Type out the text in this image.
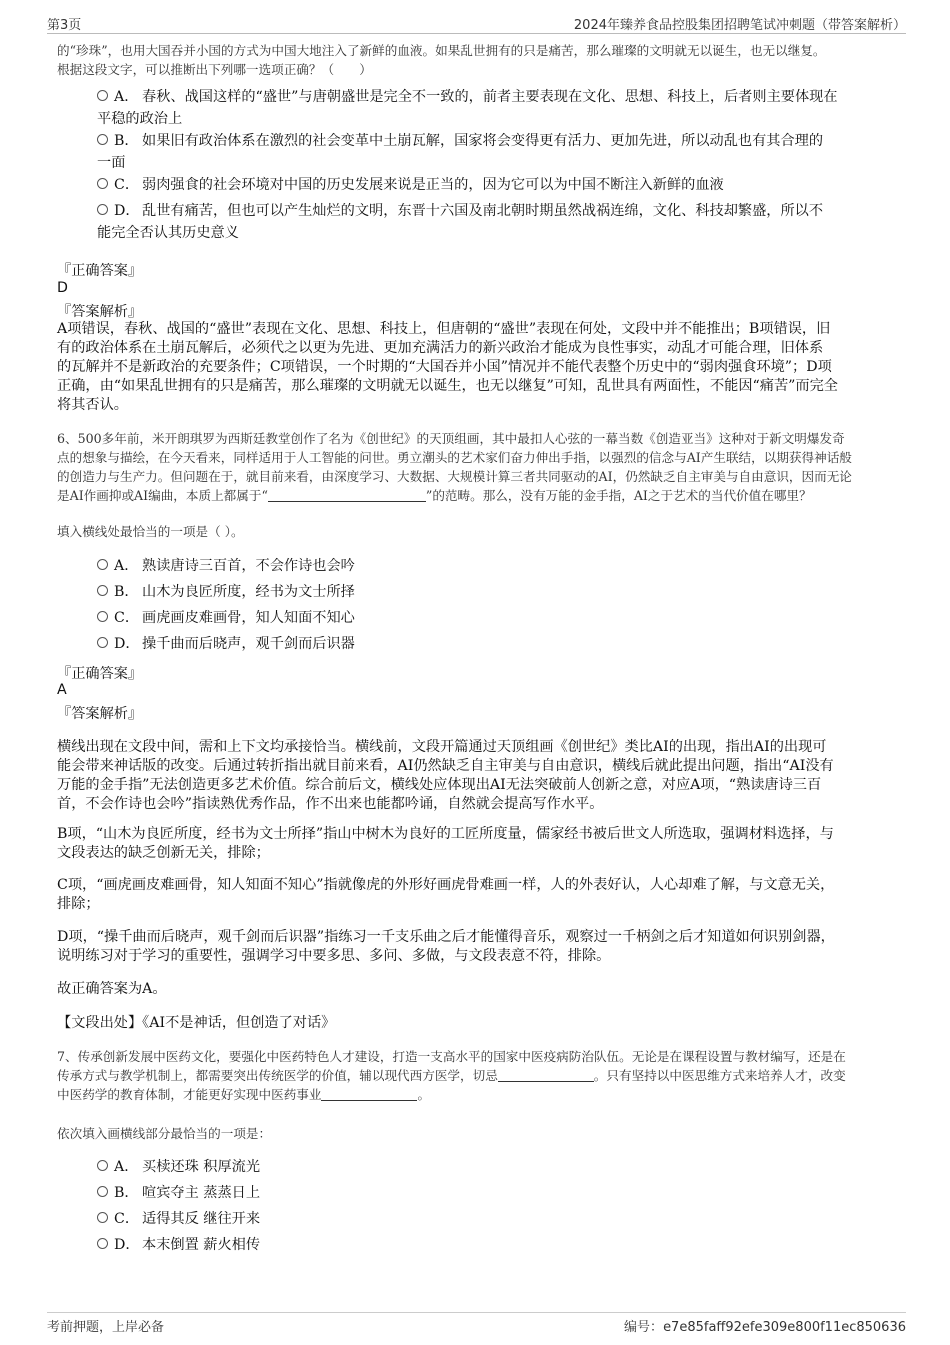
第3页	2024年臻养食品控股集团招聘笔试冲刺题（带答案解析）
的“珍珠”，也用大国吞并小国的方式为中国大地注入了新鲜的血液。如果乱世拥有的只是痛苦，那么璀璨的文明就无以诞生，也无以继复。
根据这段文字，可以推断出下列哪一选项正确？（　　）
A． 春秋、战国这样的“盛世”与唐朝盛世是完全不一致的，前者主要表现在文化、思想、科技上，后者则主要体现在
平稳的政治上
B． 如果旧有政治体系在激烈的社会变革中土崩瓦解，国家将会变得更有活力、更加先进，所以动乱也有其合理的
一面
C． 弱肉强食的社会环境对中国的历史发展来说是正当的，因为它可以为中国不断注入新鲜的血液
D． 乱世有痛苦，但也可以产生灿烂的文明，东晋十六国及南北朝时期虽然战祸连绵，文化、科技却繁盛，所以不
能完全否认其历史意义
『正确答案』
D
『答案解析』
A项错误，春秋、战国的“盛世”表现在文化、思想、科技上，但唐朝的“盛世”表现在何处，文段中并不能推出；B项错误，旧
有的政治体系在土崩瓦解后，必须代之以更为先进、更加充满活力的新兴政治才能成为良性事实，动乱才可能合理，旧体系
的瓦解并不是新政治的充要条件；C项错误，一个时期的“大国吞并小国”情况并不能代表整个历史中的“弱肉强食环境”；D项
正确，由“如果乱世拥有的只是痛苦，那么璀璨的文明就无以诞生，也无以继复”可知，乱世具有两面性，不能因“痛苦”而完全
将其否认。
6、500多年前，米开朗琪罗为西斯廷教堂创作了名为《创世纪》的天顶组画，其中最扣人心弦的一幕当数《创造亚当》这种对于新文明爆发奇
点的想象与描绘，在今天看来，同样适用于人工智能的问世。勇立潮头的艺术家们奋力伸出手指，以强烈的信念与AI产生联结，以期获得神话般
的创造力与生产力。但问题在于，就目前来看，由深度学习、大数据、大规模计算三者共同驱动的AI，仍然缺乏自主审美与自由意识，因而无论
是AI作画抑或AI编曲，本质上都属于“	”的范畴。那么，没有万能的金手指，AI之于艺术的当代价值在哪里？
填入横线处最恰当的一项是（ ）。
A． 熟读唐诗三百首，不会作诗也会吟
B． 山木为良匠所度，经书为文士所择
C． 画虎画皮难画骨，知人知面不知心
D． 操千曲而后晓声，观千剑而后识器
『正确答案』
A
『答案解析』
横线出现在文段中间，需和上下文均承接恰当。横线前，文段开篇通过天顶组画《创世纪》类比AI的出现，指出AI的出现可
能会带来神话版的改变。后通过转折指出就目前来看，AI仍然缺乏自主审美与自由意识，横线后就此提出问题，指出“AI没有
万能的金手指”无法创造更多艺术价值。综合前后文，横线处应体现出AI无法突破前人创新之意，对应A项，“熟读唐诗三百
首，不会作诗也会吟”指读熟优秀作品，作不出来也能都吟诵，自然就会提高写作水平。
B项，“山木为良匠所度，经书为文士所择”指山中树木为良好的工匠所度量，儒家经书被后世文人所选取，强调材料选择，与
文段表达的缺乏创新无关，排除；
C项，“画虎画皮难画骨，知人知面不知心”指就像虎的外形好画虎骨难画一样，人的外表好认，人心却难了解，与文意无关，
排除；
D项，“操千曲而后晓声，观千剑而后识器”指练习一千支乐曲之后才能懂得音乐，观察过一千柄剑之后才知道如何识别剑器，
说明练习对于学习的重要性，强调学习中要多思、多问、多做，与文段表意不符，排除。
故正确答案为A。
【文段出处】《AI不是神话，但创造了对话》
7、传承创新发展中医药文化，要强化中医药特色人才建设，打造一支高水平的国家中医疫病防治队伍。无论是在课程设置与教材编写，还是在
传承方式与教学机制上，都需要突出传统医学的价值，辅以现代西方医学，切忌	。只有坚持以中医思维方式来培养人才，改变
中医药学的教育体制，才能更好实现中医药事业	。
依次填入画横线部分最恰当的一项是：
A． 买椟还珠 积厚流光
B． 喧宾夺主 蒸蒸日上
C． 适得其反 继往开来
D． 本末倒置 薪火相传
考前押题，上岸必备	编号：e7e85faff92efe309e800f11ec850636
